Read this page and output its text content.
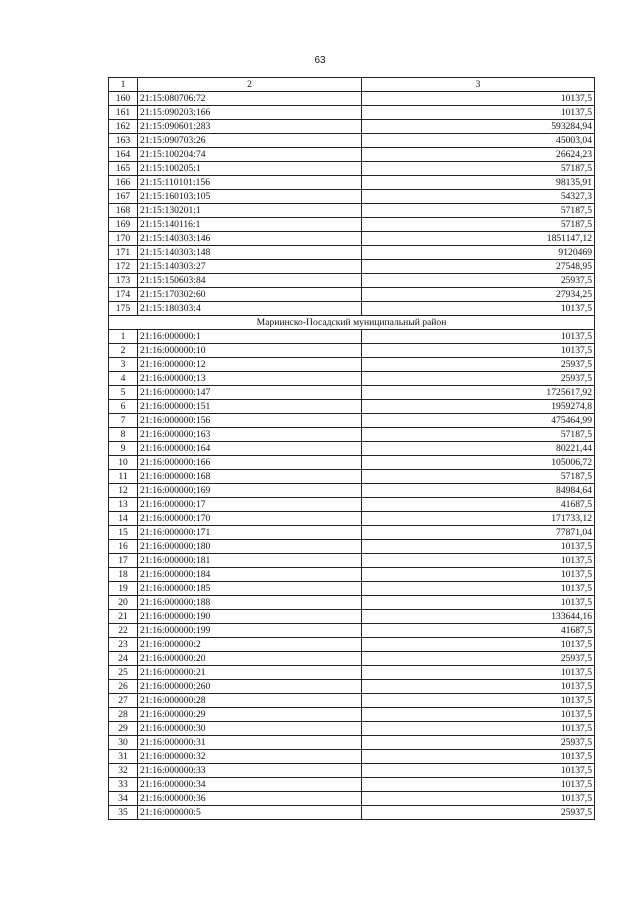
63
1	2	3
160	21:15:080706:72	10137,5
161	21:15:090203:166	10137,5
162	21:15:090601:283	593284,94
163	21:15:090703:26	45003,04
164	21:15:100204:74	26624,23
165	21:15:100205:1	57187,5
166	21:15:110101:156	98135,91
167	21:15:160103:105	54327,3
168	21:15:130201:1	57187,5
169	21:15:140116:1	57187,5
170	21:15:140303:146	1851147,12
171	21:15:140303:148	9120469
172	21:15:140303:27	27548,95
173	21:15:150603:84	25937,5
174	21:15:170302:60	27934,25
175	21:15:180303:4	10137,5
Мариинско-Посадский муниципальный район		
1	21:16:000000:1	10137,5
2	21:16:000000:10	10137,5
3	21:16:000000:12	25937,5
4	21:16:000000:13	25937,5
5	21:16:000000:147	1725617,92
6	21:16:000000:151	1959274,8
7	21:16:000000:156	475464,99
8	21:16:000000:163	57187,5
9	21:16:000000:164	80221,44
10	21:16:000000:166	105006,72
11	21:16:000000:168	57187,5
12	21:16:000000:169	84984,64
13	21:16:000000:17	41687,5
14	21:16:000000:170	171733,12
15	21:16:000000:171	77871,04
16	21:16:000000:180	10137,5
17	21:16:000000:181	10137,5
18	21:16:000000:184	10137,5
19	21:16:000000:185	10137,5
20	21:16:000000:188	10137,5
21	21:16:000000:190	133644,16
22	21:16:000000:199	41687,5
23	21:16:000000:2	10137,5
24	21:16:000000:20	25937,5
25	21:16:000000:21	10137,5
26	21:16:000000:260	10137,5
27	21:16:000000:28	10137,5
28	21:16:000000:29	10137,5
29	21:16:000000:30	10137,5
30	21:16:000000:31	25937,5
31	21:16:000000:32	10137,5
32	21:16:000000:33	10137,5
33	21:16:000000:34	10137,5
34	21:16:000000:36	10137,5
35	21:16:000000:5	25937,5
